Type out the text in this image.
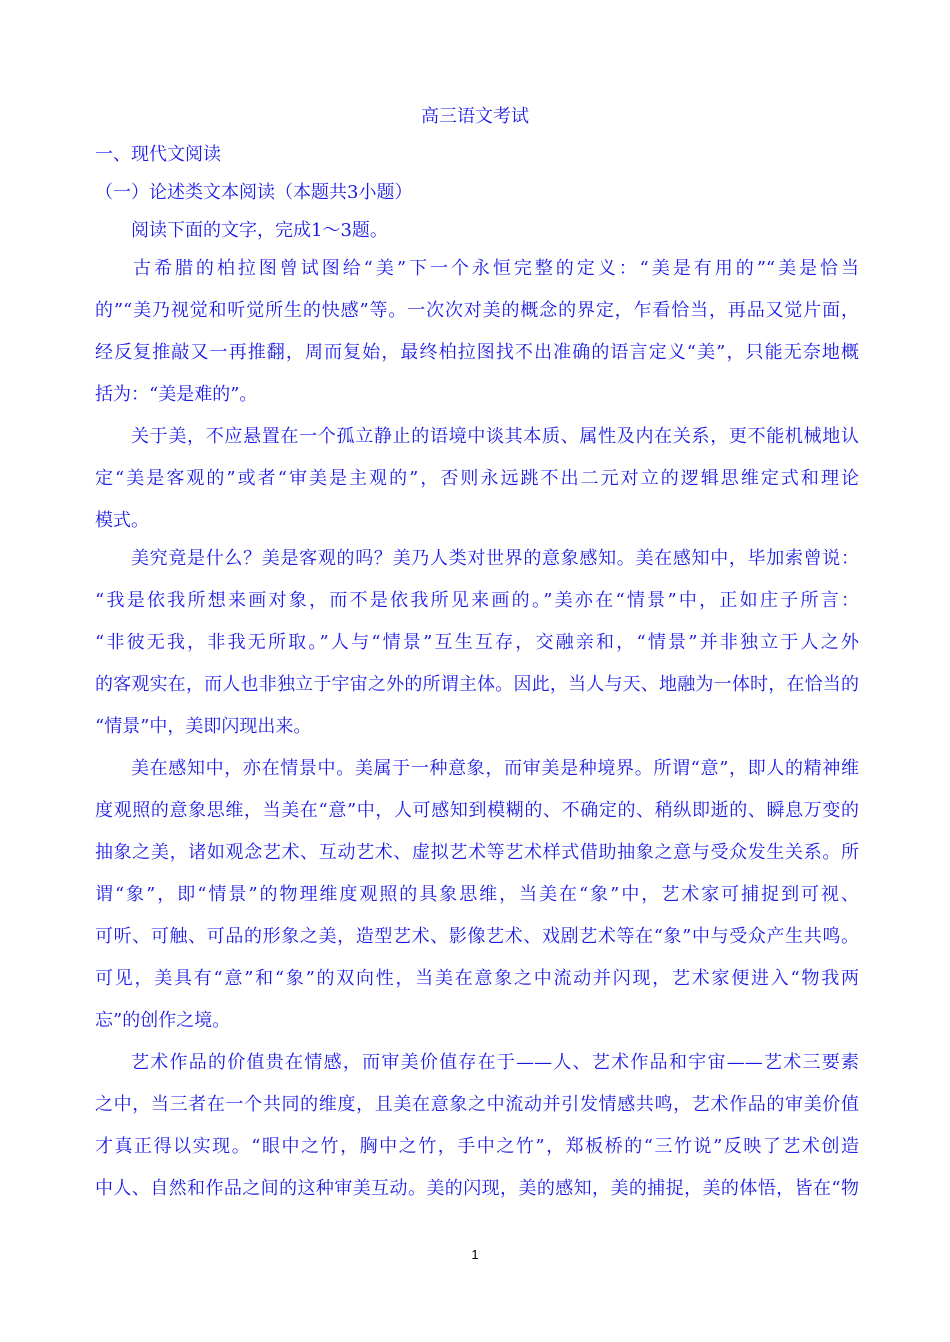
高三语文考试
一、现代文阅读
（一）论述类文本阅读（本题共3小题）
阅读下面的文字，完成1～3题。
古希腊的柏拉图曾试图给“美”下一个永恒完整的定义：“美是有用的”“美是恰当
的”“美乃视觉和听觉所生的快感”等。一次次对美的概念的界定，乍看恰当，再品又觉片面，
经反复推敲又一再推翻，周而复始，最终柏拉图找不出准确的语言定义“美”，只能无奈地概
括为：“美是难的”。
关于美，不应悬置在一个孤立静止的语境中谈其本质、属性及内在关系，更不能机械地认
定“美是客观的”或者“审美是主观的”，否则永远跳不出二元对立的逻辑思维定式和理论
模式。
美究竟是什么？美是客观的吗？美乃人类对世界的意象感知。美在感知中，毕加索曾说：
“我是依我所想来画对象，而不是依我所见来画的。”美亦在“情景”中，正如庄子所言：
“非彼无我，非我无所取。”人与“情景”互生互存，交融亲和，“情景”并非独立于人之外
的客观实在，而人也非独立于宇宙之外的所谓主体。因此，当人与天、地融为一体时，在恰当的
“情景”中，美即闪现出来。
美在感知中，亦在情景中。美属于一种意象，而审美是种境界。所谓“意”，即人的精神维
度观照的意象思维，当美在“意”中，人可感知到模糊的、不确定的、稍纵即逝的、瞬息万变的
抽象之美，诸如观念艺术、互动艺术、虚拟艺术等艺术样式借助抽象之意与受众发生关系。所
谓“象”，即“情景”的物理维度观照的具象思维，当美在“象”中，艺术家可捕捉到可视、
可听、可触、可品的形象之美，造型艺术、影像艺术、戏剧艺术等在“象”中与受众产生共鸣。
可见，美具有“意”和“象”的双向性，当美在意象之中流动并闪现，艺术家便进入“物我两
忘”的创作之境。
艺术作品的价值贵在情感，而审美价值存在于——人、艺术作品和宇宙——艺术三要素
之中，当三者在一个共同的维度，且美在意象之中流动并引发情感共鸣，艺术作品的审美价值
才真正得以实现。“眼中之竹，胸中之竹，手中之竹”，郑板桥的“三竹说”反映了艺术创造
中人、自然和作品之间的这种审美互动。美的闪现，美的感知，美的捕捉，美的体悟，皆在“物
1
